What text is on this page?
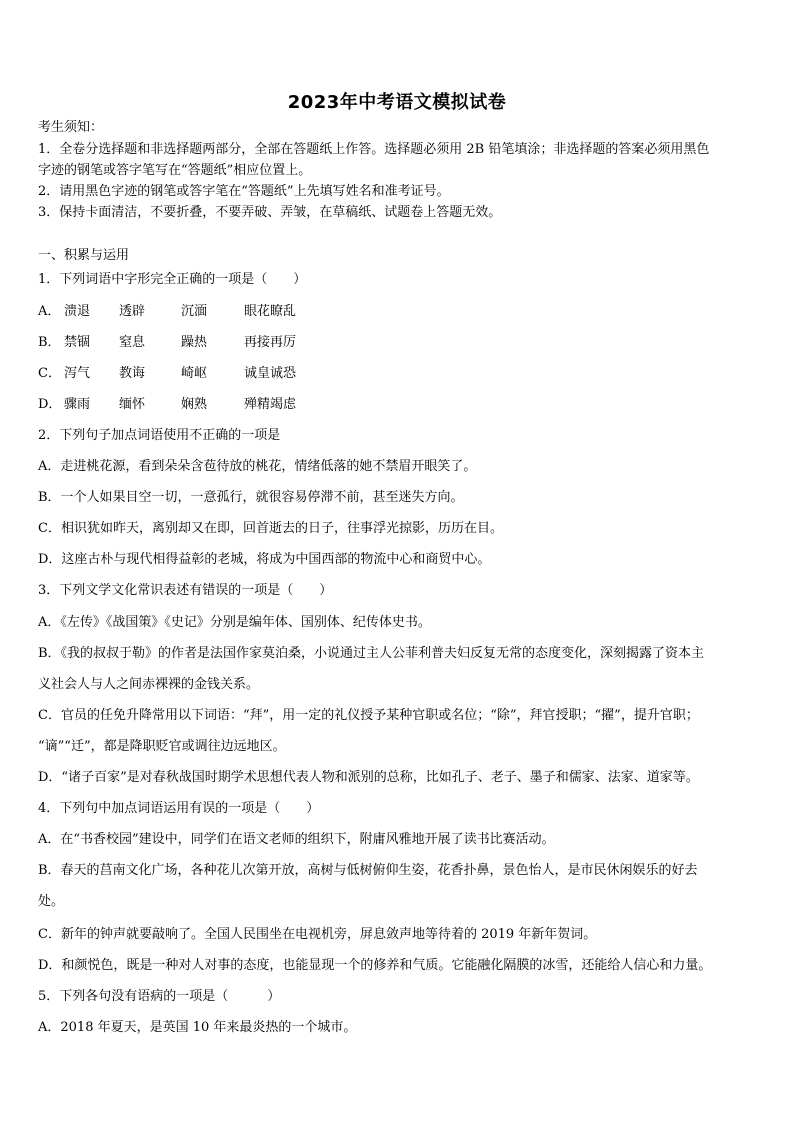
2023年中考语文模拟试卷
考生须知：
1．全卷分选择题和非选择题两部分，全部在答题纸上作答。选择题必须用 2B 铅笔填涂；非选择题的答案必须用黑色
字迹的钢笔或答字笔写在“答题纸”相应位置上。
2．请用黑色字迹的钢笔或答字笔在“答题纸”上先填写姓名和准考证号。
3．保持卡面清洁，不要折叠，不要弄破、弄皱，在草稿纸、试题卷上答题无效。
一、积累与运用
1．下列词语中字形完全正确的一项是（　　）
A． 溃退 透辟	沉湎	眼花瞭乱
B． 禁锢 窒息	躁热	再接再厉
C． 泻气 教诲	崎岖	诚皇诚恐
D． 骤雨 缅怀	娴熟	殚精竭虑
2．下列句子加点词语使用不正确的一项是
A．走进桃花源，看到朵朵含苞待放的桃花，情绪低落的她不禁眉开眼笑了。
B．一个人如果目空一切，一意孤行，就很容易停滞不前，甚至迷失方向。
C．相识犹如昨天，离别却又在即，回首逝去的日子，往事浮光掠影，历历在目。
D．这座古朴与现代相得益彰的老城，将成为中国西部的物流中心和商贸中心。
3．下列文学文化常识表述有错误的一项是（　　）
A．《左传》《战国策》《史记》分别是编年体、国别体、纪传体史书。
B．《我的叔叔于勒》的作者是法国作家莫泊桑，小说通过主人公菲利普夫妇反复无常的态度变化，深刻揭露了资本主
义社会人与人之间赤裸裸的金钱关系。
C．官员的任免升降常用以下词语：“拜”，用一定的礼仪授予某种官职或名位；“除”，拜官授职；“擢”，提升官职；
“谪”“迁”，都是降职贬官或调往边远地区。
D．“诸子百家”是对春秋战国时期学术思想代表人物和派别的总称，比如孔子、老子、墨子和儒家、法家、道家等。
4．下列句中加点词语运用有误的一项是（　　）
A．在“书香校园”建设中，同学们在语文老师的组织下，附庸风雅地开展了读书比赛活动。
B．春天的莒南文化广场，各种花儿次第开放，高树与低树俯仰生姿，花香扑鼻，景色怡人，是市民休闲娱乐的好去
处。
C．新年的钟声就要敲响了。全国人民围坐在电视机旁，屏息敛声地等待着的 2019 年新年贺词。
D．和颜悦色，既是一种对人对事的态度，也能显现一个的修养和气质。它能融化隔膜的冰雪，还能给人信心和力量。
5．下列各句没有语病的一项是（　　　）
A．2018 年夏天，是英国 10 年来最炎热的一个城市。
